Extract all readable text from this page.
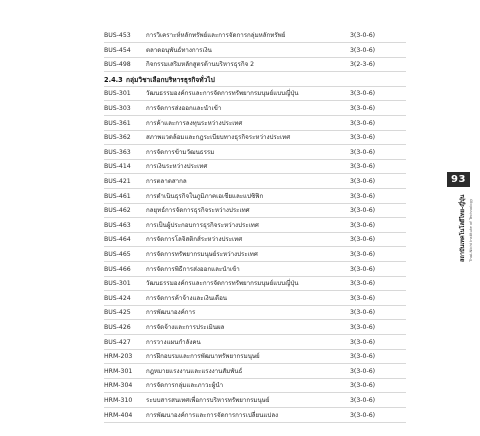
BUS-453 การวิเคราะห์หลักทรัพย์และการจัดการกลุ่มหลักทรัพย์	3(3-0-6)
BUS-454 ตลาดอนุพันธ์ทางการเงิน	3(3-0-6)
BUS-498 กิจกรรมเสริมหลักสูตรด้านบริหารธุรกิจ 2	3(2-3-6)
2.4.3 กลุ่มวิชาเลือกบริหารธุรกิจทั่วไป
BUS-301 วัฒนธรรมองค์กรและการจัดการทรัพยากรมนุษย์แบบญี่ปุ่น	3(3-0-6)
BUS-303 การจัดการส่งออกและนำเข้า	3(3-0-6)
BUS-361 การค้าและการลงทุนระหว่างประเทศ	3(3-0-6)
BUS-362 สภาพแวดล้อมและกฎระเบียบทางธุรกิจระหว่างประเทศ	3(3-0-6)
BUS-363 การจัดการข้ามวัฒนธรรม	3(3-0-6)
BUS-414 การเงินระหว่างประเทศ	3(3-0-6)
BUS-421 การตลาดสากล	3(3-0-6)
BUS-461 การดำเนินธุรกิจในภูมิภาคเอเชียและแปซิฟิก	3(3-0-6)
BUS-462 กลยุทธ์การจัดการธุรกิจระหว่างประเทศ	3(3-0-6)
BUS-463 การเป็นผู้ประกอบการธุรกิจระหว่างประเทศ	3(3-0-6)
BUS-464 การจัดการโลจิสติกส์ระหว่างประเทศ	3(3-0-6)
BUS-465 การจัดการทรัพยากรมนุษย์ระหว่างประเทศ	3(3-0-6)
BUS-466 การจัดการพิธีการส่งออกและนำเข้า	3(3-0-6)
BUS-301 วัฒนธรรมองค์กรและการจัดการทรัพยากรมนุษย์แบบญี่ปุ่น	3(3-0-6)
BUS-424 การจัดการค้าจ้างและเงินเดือน	3(3-0-6)
BUS-425 การพัฒนาองค์การ	3(3-0-6)
BUS-426 การจัดจ้างและการประเมินผล	3(3-0-6)
BUS-427 การวางแผนกำลังคน	3(3-0-6)
HRM-203 การฝึกอบรมและการพัฒนาทรัพยากรมนุษย์	3(3-0-6)
HRM-301 กฎหมายแรงงานและแรงงานสัมพันธ์	3(3-0-6)
HRM-304 การจัดการกลุ่มและภาวะผู้นำ	3(3-0-6)
HRM-310 ระบบสารสนเทศเพื่อการบริหารทรัพยากรมนุษย์	3(3-0-6)
HRM-404 การพัฒนาองค์การและการจัดการการเปลี่ยนแปลง	3(3-0-6)
93
สถาบันเทคโนโลยีไทย-ญี่ปุ่น Thai-Nichi Institute of Technology
